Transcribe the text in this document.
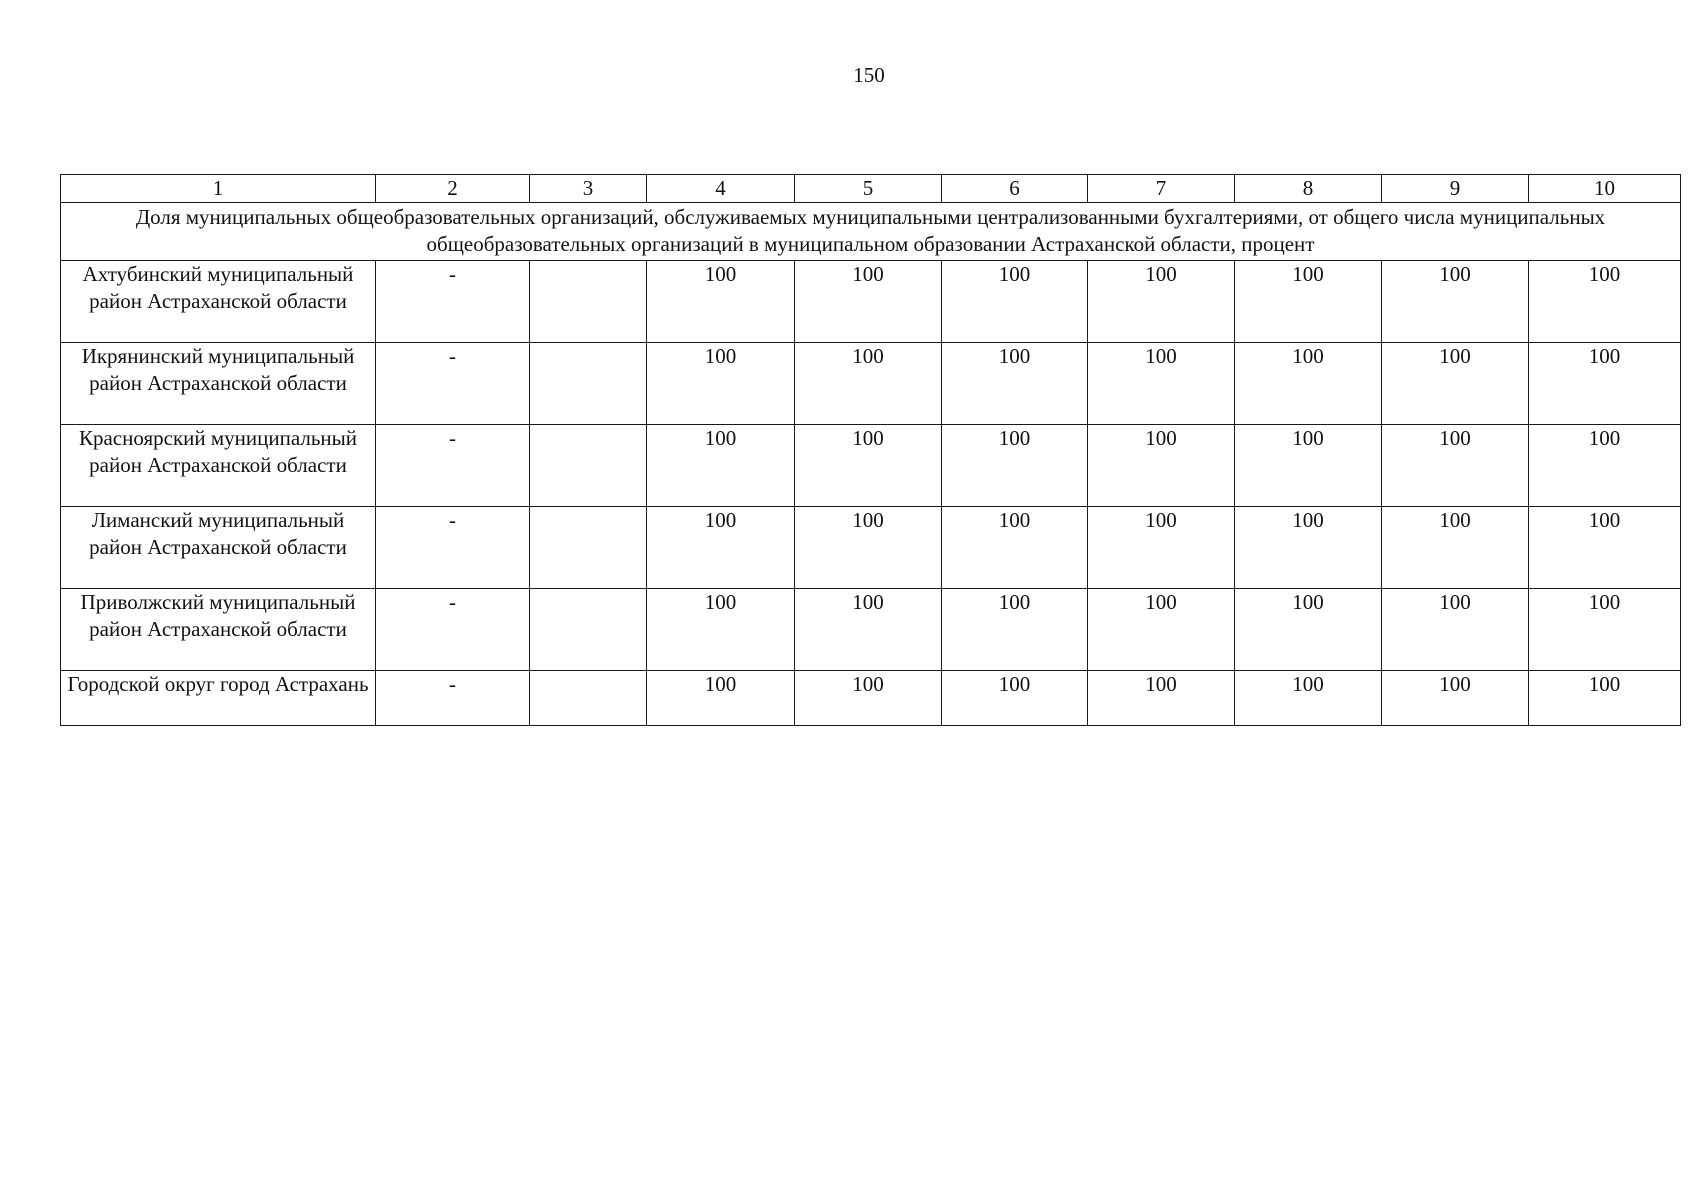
150
1	2	3	4	5	6	7	8	9	10
Доля муниципальных общеобразовательных организаций, обслуживаемых муниципальными централизованными бухгалтериями, от общего числа муниципальных общеобразовательных организаций в муниципальном образовании Астраханской области, процент									
Ахтубинский муниципальный район Астраханской области	-		100	100	100	100	100	100	100
Икрянинский муниципальный район Астраханской области	-		100	100	100	100	100	100	100
Красноярский муниципальный район Астраханской области	-		100	100	100	100	100	100	100
Лиманский муниципальный район Астраханской области	-		100	100	100	100	100	100	100
Приволжский муниципальный район Астраханской области	-		100	100	100	100	100	100	100
Городской округ город Астрахань	-		100	100	100	100	100	100	100
